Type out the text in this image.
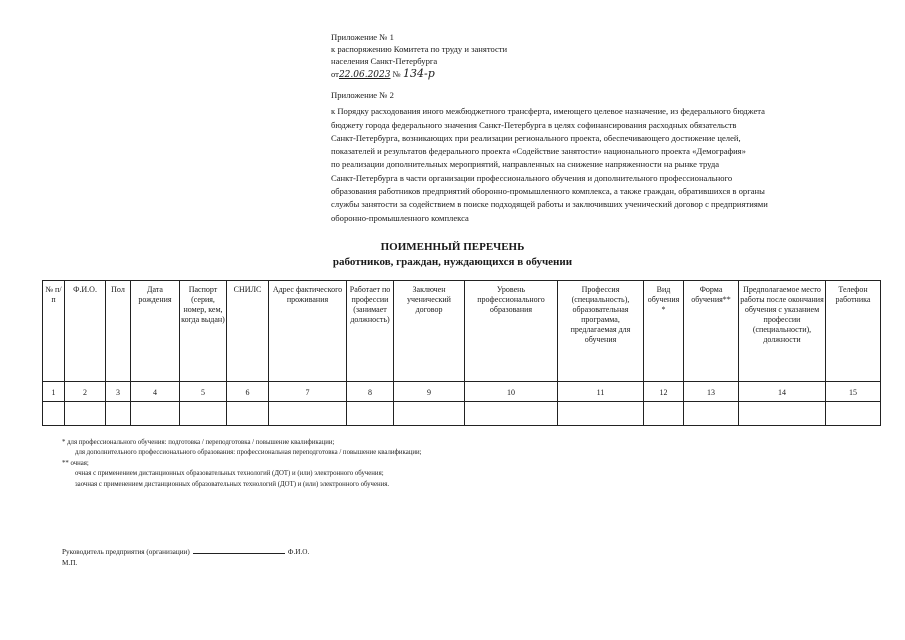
Приложение № 1
к распоряжению Комитета по труду и занятости
населения Санкт-Петербурга
от22.06.2023 № 134-р
Приложение № 2
к Порядку расходования иного межбюджетного трансферта, имеющего целевое назначение, из федерального бюджета
бюджету города федерального значения Санкт-Петербурга в целях софинансирования расходных обязательств
Санкт-Петербурга, возникающих при реализации регионального проекта, обеспечивающего достижение целей,
показателей и результатов федерального проекта «Содействие занятости» национального проекта «Демография»
по реализации дополнительных мероприятий, направленных на снижение напряженности на рынке труда
Санкт-Петербурга в части организации профессионального обучения и дополнительного профессионального
образования работников предприятий оборонно-промышленного комплекса, а также граждан, обратившихся в органы
службы занятости за содействием в поиске подходящей работы и заключивших ученический договор с предприятиями
оборонно-промышленного комплекса
ПОИМЕННЫЙ ПЕРЕЧЕНЬ
работников, граждан, нуждающихся в обучении
№ п/п	Ф.И.О.	Пол	Дата рождения	Паспорт (серия, номер, кем, когда выдан)	СНИЛС	Адрес фактического проживания	Работает по профессии (занимает должность)	Заключен ученический договор	Уровень профессионального образования	Профессия (специальность), образовательная программа, предлагаемая для обучения	Вид обучения *	Форма обучения**	Предполагаемое место работы после окончания обучения с указанием профессии (специальности), должности	Телефон работника
1	2	3	4	5	6	7	8	9	10	11	12	13	14	15

* для профессионального обучения: подготовка / переподготовка / повышение квалификации;
для дополнительного профессионального образования: профессиональная переподготовка / повышение квалификации;
** очная;
очная с применением дистанционных образовательных технологий (ДОТ) и (или) электронного обучения;
заочная с применением дистанционных образовательных технологий (ДОТ) и (или) электронного обучения.
Руководитель предприятия (организации)	Ф.И.О.
М.П.
